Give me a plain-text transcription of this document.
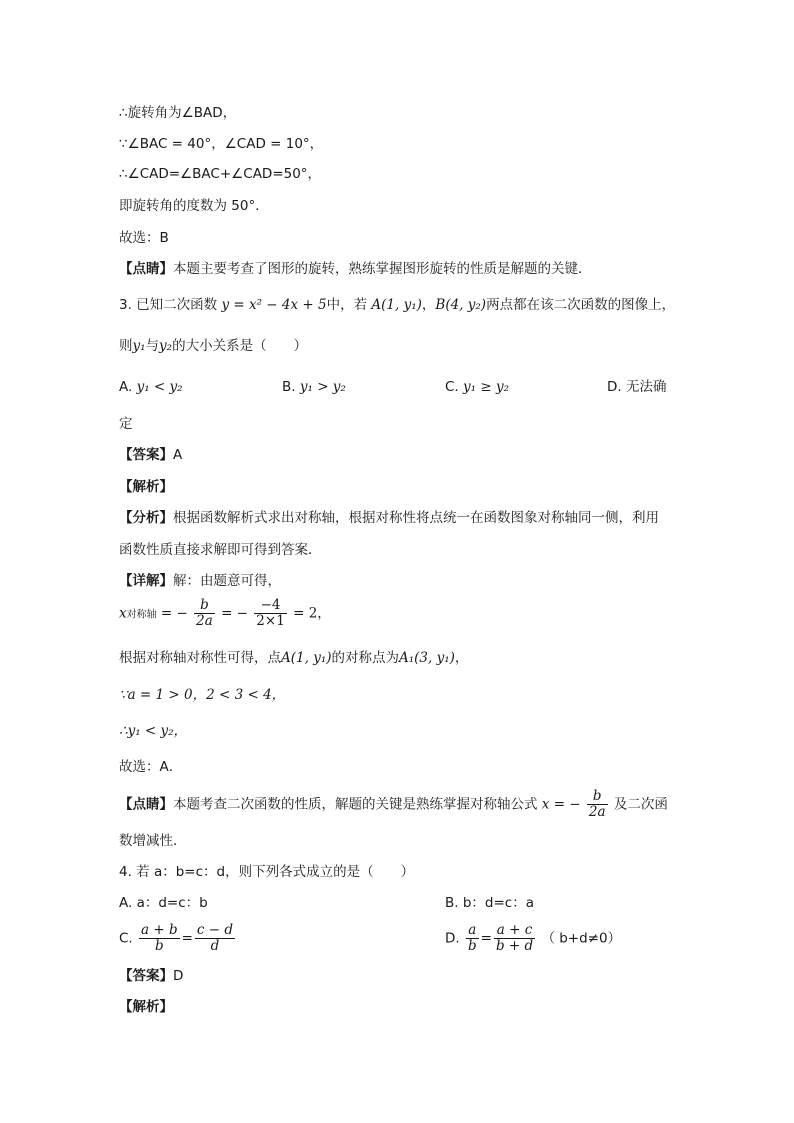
∴旋转角为∠BAD，
∵∠BAC = 40°，∠CAD = 10°，
∴∠CAD=∠BAC+∠CAD=50°，
即旋转角的度数为 50°．
故选：B
【点睛】本题主要考查了图形的旋转，熟练掌握图形旋转的性质是解题的关键．
3. 已知二次函数 y = x² − 4x + 5中，若 A(1, y₁)，B(4, y₂)两点都在该二次函数的图像上，
则y₁与y₂的大小关系是（　　）
A. y₁ < y₂	B. y₁ > y₂	C. y₁ ≥ y₂	D. 无法确
定
【答案】A
【解析】
【分析】根据函数解析式求出对称轴，根据对称性将点统一在函数图象对称轴同一侧，利用
函数性质直接求解即可得到答案．
【详解】解：由题意可得，
x对称轴 = − $\frac{b}{2a}$ = − $\frac{-4}{2\times 1} = 2$，
根据对称轴对称性可得，点A(1, y₁)的对称点为A₁(3, y₁)，
∵a = 1 > 0，2 < 3 < 4，
∴y₁ < y₂，
故选：A．
【点睛】本题考查二次函数的性质，解题的关键是熟练掌握对称轴公式 x = − $\frac{b}{2a}$ 及二次函
数增减性．
4. 若 a：b=c：d，则下列各式成立的是（　　）
A. a：d=c：b	B. b：d=c：a
C. $\frac{a + b}{b} = \frac{c - d}{d}$	D. $\frac{a}{b} = \frac{a + c}{b + d}$ （ b+d≠0）
【答案】D
【解析】
